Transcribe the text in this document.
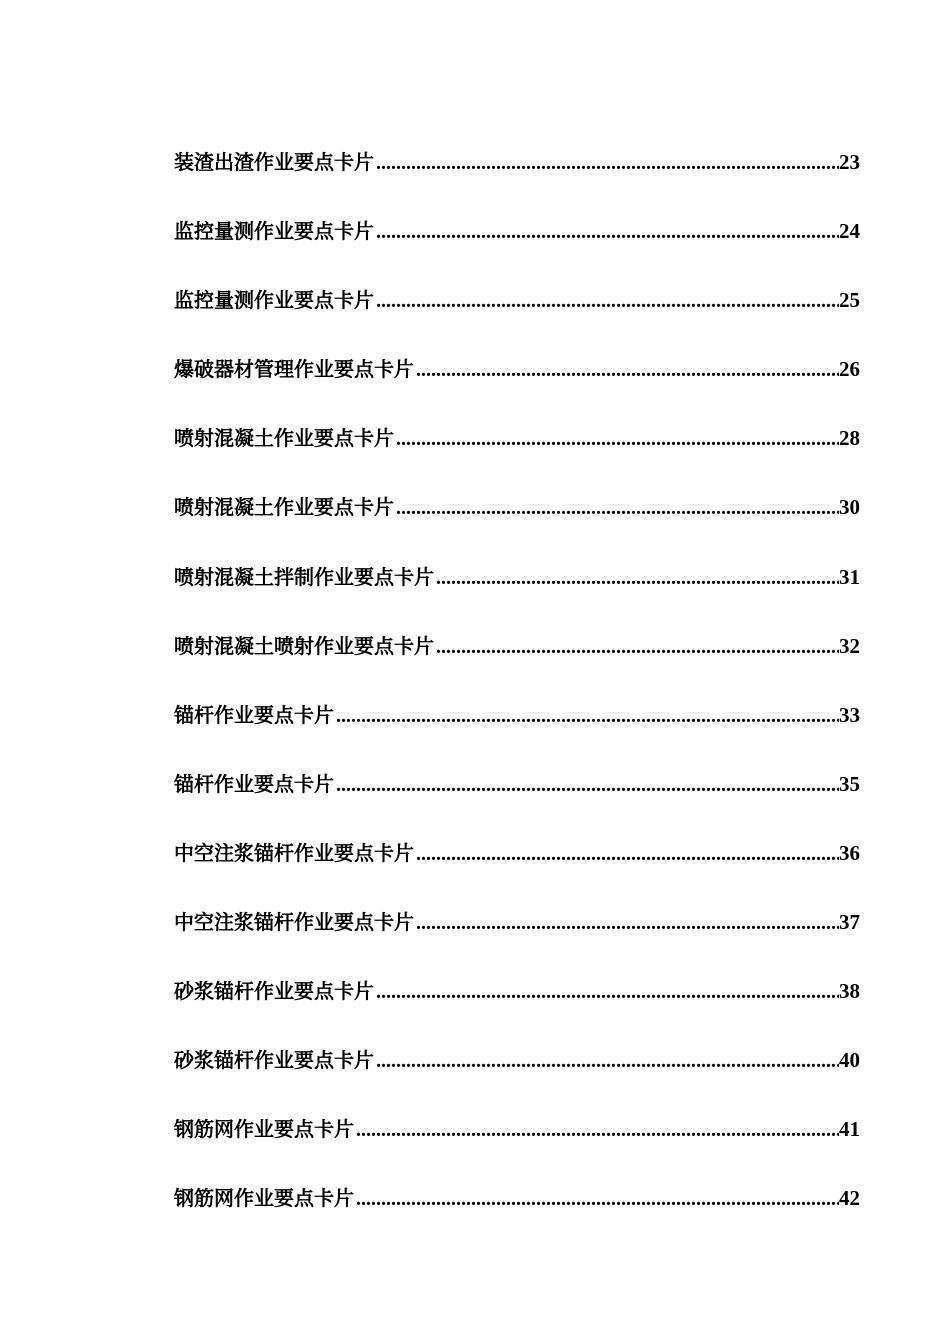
装渣出渣作业要点卡片 .....	23
监控量测作业要点卡片 .....	24
监控量测作业要点卡片 .....	25
爆破器材管理作业要点卡片 .....	26
喷射混凝土作业要点卡片 .....	28
喷射混凝土作业要点卡片 .....	30
喷射混凝土拌制作业要点卡片 .....	31
喷射混凝土喷射作业要点卡片 .....	32
锚杆作业要点卡片 .....	33
锚杆作业要点卡片 .....	35
中空注浆锚杆作业要点卡片 .....	36
中空注浆锚杆作业要点卡片 .....	37
砂浆锚杆作业要点卡片 .....	38
砂浆锚杆作业要点卡片 .....	40
钢筋网作业要点卡片 .....	41
钢筋网作业要点卡片 .....	42
